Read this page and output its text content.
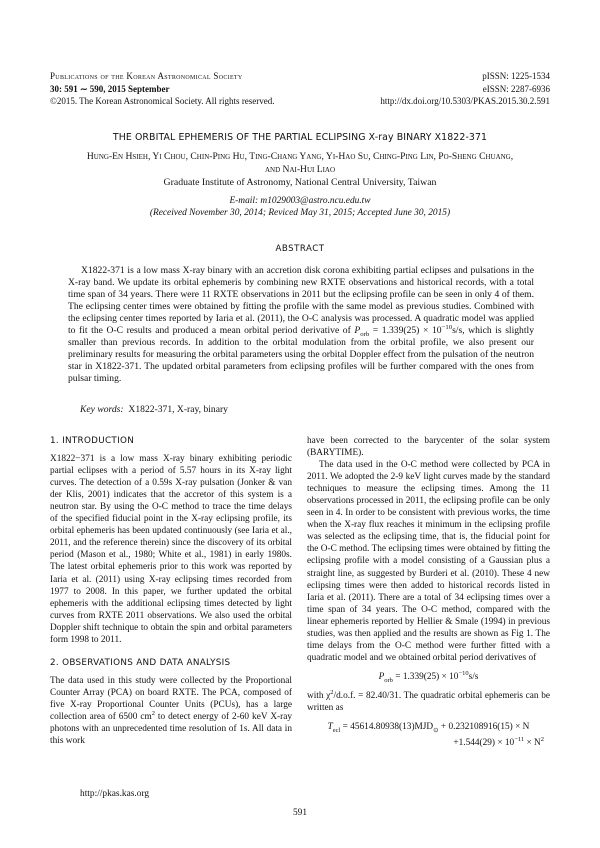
Publications of the Korean Astronomical Society
30: 591 ∼ 590, 2015 September
©2015. The Korean Astronomical Society. All rights reserved.
pISSN: 1225-1534
eISSN: 2287-6936
http://dx.doi.org/10.5303/PKAS.2015.30.2.591
THE ORBITAL EPHEMERIS OF THE PARTIAL ECLIPSING X-ray BINARY X1822-371
Hung-En Hsieh, Yi Chou, Chin-Ping Hu, Ting-Chang Yang, Yi-Hao Su, Ching-Ping Lin, Po-Sheng Chuang,
and Nai-Hui Liao
Graduate Institute of Astronomy, National Central University, Taiwan
E-mail: m1029003@astro.ncu.edu.tw
(Received November 30, 2014; Reviced May 31, 2015; Accepted June 30, 2015)
ABSTRACT

X1822-371 is a low mass X-ray binary with an accretion disk corona exhibiting partial eclipses and pulsations in the X-ray band. We update its orbital ephemeris by combining new RXTE observations and historical records, with a total time span of 34 years. There were 11 RXTE observations in 2011 but the eclipsing profile can be seen in only 4 of them. The eclipsing center times were obtained by fitting the profile with the same model as previous studies. Combined with the eclipsing center times reported by Iaria et al. (2011), the O-C analysis was processed. A quadratic model was applied to fit the O-C results and produced a mean orbital period derivative of $P_{orb} = 1.339(25) \times 10^{-10}s/s$, which is slightly smaller than previous records. In addition to the orbital modulation from the orbital profile, we also present our preliminary results for measuring the orbital parameters using the orbital Doppler effect from the pulsation of the neutron star in X1822-371. The updated orbital parameters from eclipsing profiles will be further compared with the ones from pulsar timing.

Key words: X1822-371, X-ray, binary
1. INTRODUCTION

X1822−371 is a low mass X-ray binary exhibiting periodic partial eclipses with a period of 5.57 hours in its X-ray light curves. The detection of a 0.59s X-ray pulsation (Jonker & van der Klis, 2001) indicates that the accretor of this system is a neutron star. By using the O-C method to trace the time delays of the specified fiducial point in the X-ray eclipsing profile, its orbital ephemeris has been updated continuously (see Iaria et al., 2011, and the reference therein) since the discovery of its orbital period (Mason et al., 1980; White et al., 1981) in early 1980s. The latest orbital ephemeris prior to this work was reported by Iaria et al. (2011) using X-ray eclipsing times recorded from 1977 to 2008. In this paper, we further updated the orbital ephemeris with the additional eclipsing times detected by light curves from RXTE 2011 observations. We also used the orbital Doppler shift technique to obtain the spin and orbital parameters form 1998 to 2011.

2. OBSERVATIONS AND DATA ANALYSIS

The data used in this study were collected by the Proportional Counter Array (PCA) on board RXTE. The PCA, composed of five X-ray Proportional Counter Units (PCUs), has a large collection area of 6500 $cm^2$ to detect energy of 2-60 keV X-ray photons with an unprecedented time resolution of 1s. All data in this work

have been corrected to the barycenter of the solar system (BARYTIME).

The data used in the O-C method were collected by PCA in 2011. We adopted the 2-9 keV light curves made by the standard techniques to measure the eclipsing times. Among the 11 observations processed in 2011, the eclipsing profile can be only seen in 4. In order to be consistent with previous works, the time when the X-ray flux reaches it minimum in the eclipsing profile was selected as the eclipsing time, that is, the fiducial point for the O-C method. The eclipsing times were obtained by fitting the eclipsing profile with a model consisting of a Gaussian plus a straight line, as suggested by Burderi et al. (2010). These 4 new eclipsing times were then added to historical records listed in Iaria et al. (2011). There are a total of 34 eclipsing times over a time span of 34 years. The O-C method, compared with the linear ephemeris reported by Hellier & Smale (1994) in previous studies, was then applied and the results are shown as Fig 1. The time delays from the O-C method were further fitted with a quadratic model and we obtained orbital period derivatives of

$P_{orb} = 1.339(25) \times 10^{-10}s/s$

with $\chi^2/d.o.f$. = 82.40/31. The quadratic orbital ephemeris can be written as

$T_{ecl} = 45614.80938(13)MJD_⊙ + 0.232108916(15) \times N$
$+1.544(29) \times 10^{-11} \times N^2$
http://pkas.kas.org
591
